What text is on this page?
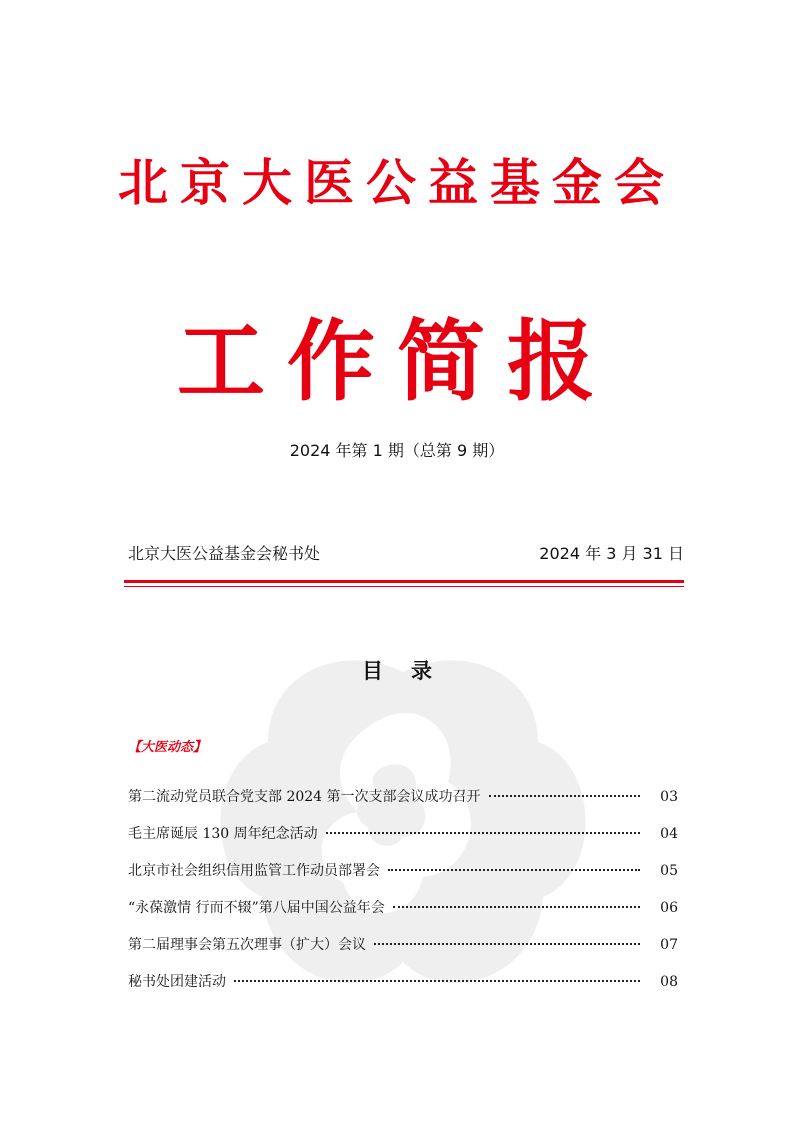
北京大医公益基金会
工作简报
2024 年第 1 期（总第 9 期）
北京大医公益基金会秘书处	2024 年 3 月 31 日
目录
【大医动态】
第二流动党员联合党支部 2024 第一次支部会议成功召开	03
毛主席诞辰 130 周年纪念活动	04
北京市社会组织信用监管工作动员部署会	05
“永葆激情 行而不辍”第八届中国公益年会	06
第二届理事会第五次理事（扩大）会议	07
秘书处团建活动	08
